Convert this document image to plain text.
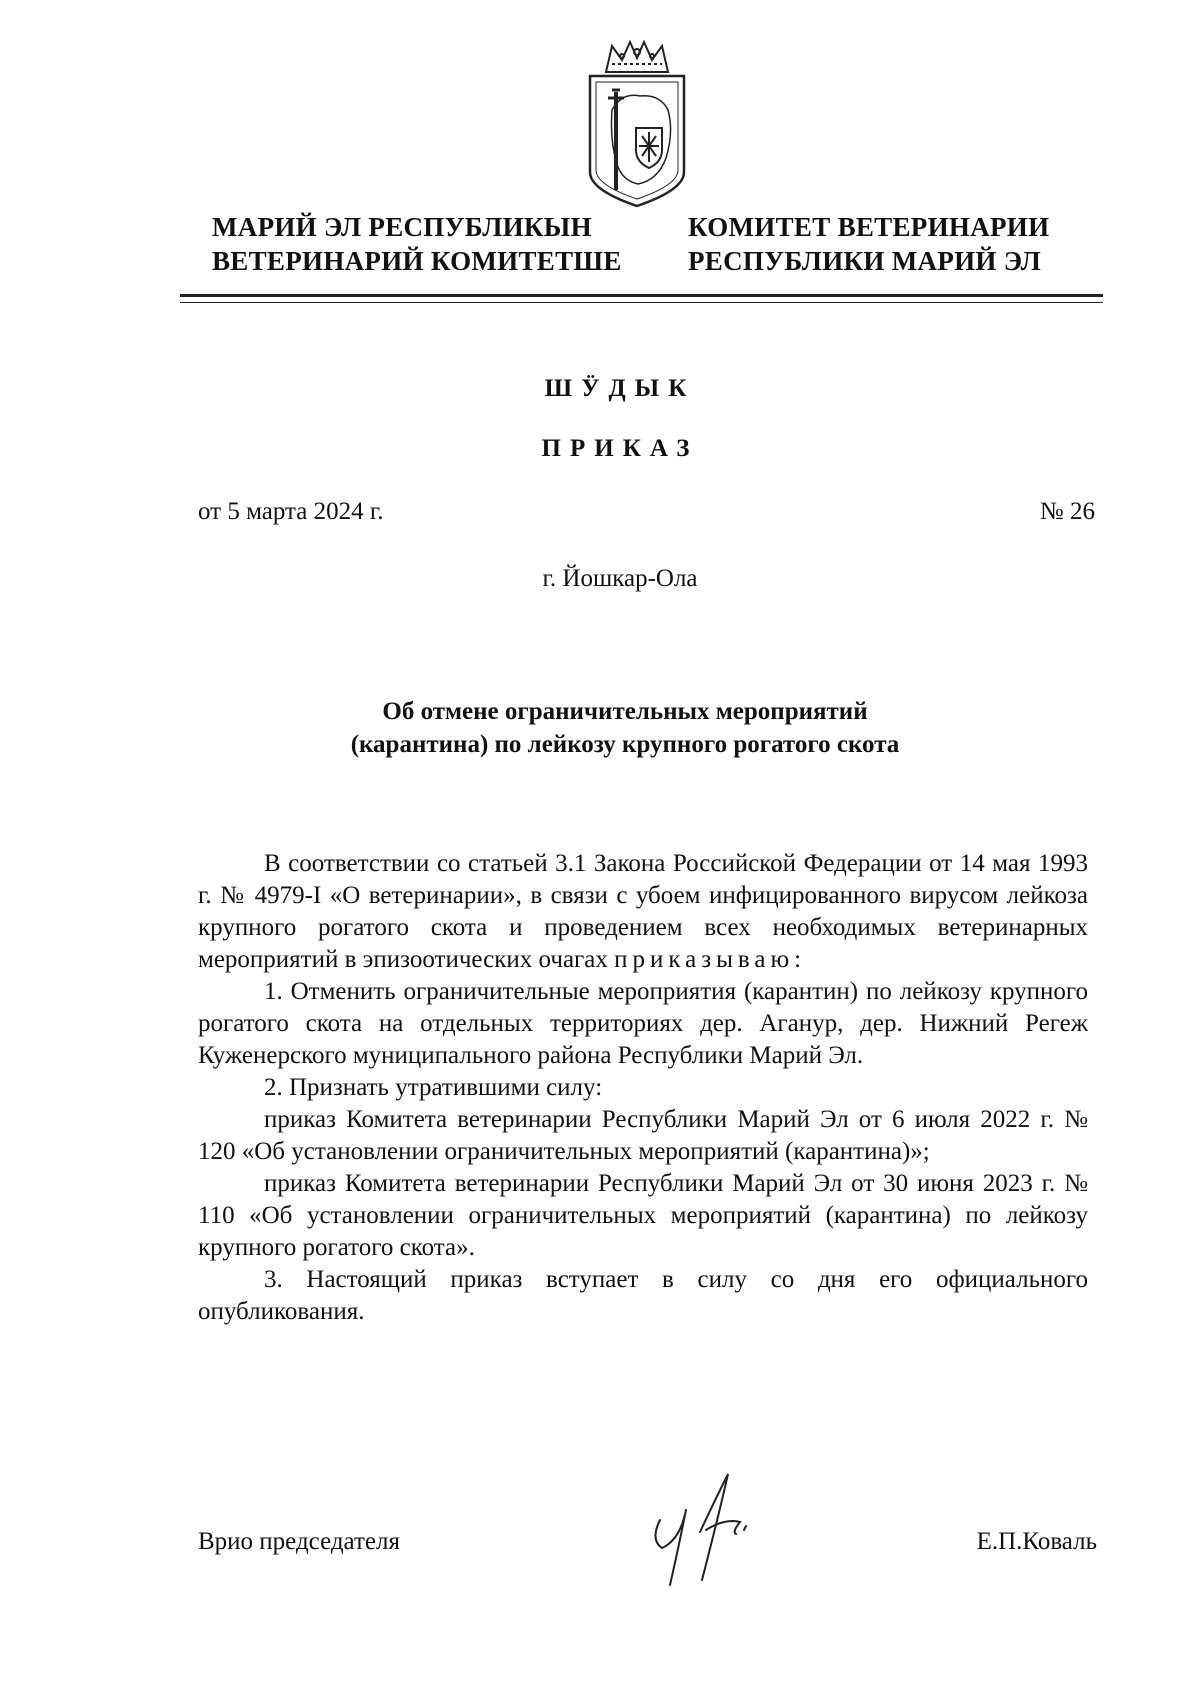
МАРИЙ ЭЛ РЕСПУБЛИКЫН
ВЕТЕРИНАРИЙ КОМИТЕТШЕ
КОМИТЕТ ВЕТЕРИНАРИИ
РЕСПУБЛИКИ МАРИЙ ЭЛ
ШӰДЫК
ПРИКАЗ
от 5 марта 2024 г.	№ 26
г. Йошкар-Ола
Об отмене ограничительных мероприятий
(карантина) по лейкозу крупного рогатого скота

В соответствии со статьей 3.1 Закона Российской Федерации от 14 мая 1993 г. № 4979-I «О ветеринарии», в связи с убоем инфицированного вирусом лейкоза крупного рогатого скота и проведением всех необходимых ветеринарных мероприятий в эпизоотических очагах приказываю:

1. Отменить ограничительные мероприятия (карантин) по лейкозу крупного рогатого скота на отдельных территориях дер. Аганур, дер. Нижний Регеж Куженерского муниципального района Республики Марий Эл.

2. Признать утратившими силу:

приказ Комитета ветеринарии Республики Марий Эл от 6 июля 2022 г. № 120 «Об установлении ограничительных мероприятий (карантина)»;

приказ Комитета ветеринарии Республики Марий Эл от 30 июня 2023 г. № 110 «Об установлении ограничительных мероприятий (карантина) по лейкозу крупного рогатого скота».

3. Настоящий приказ вступает в силу со дня его официального опубликования.

Врио председателя	Е.П.Коваль
